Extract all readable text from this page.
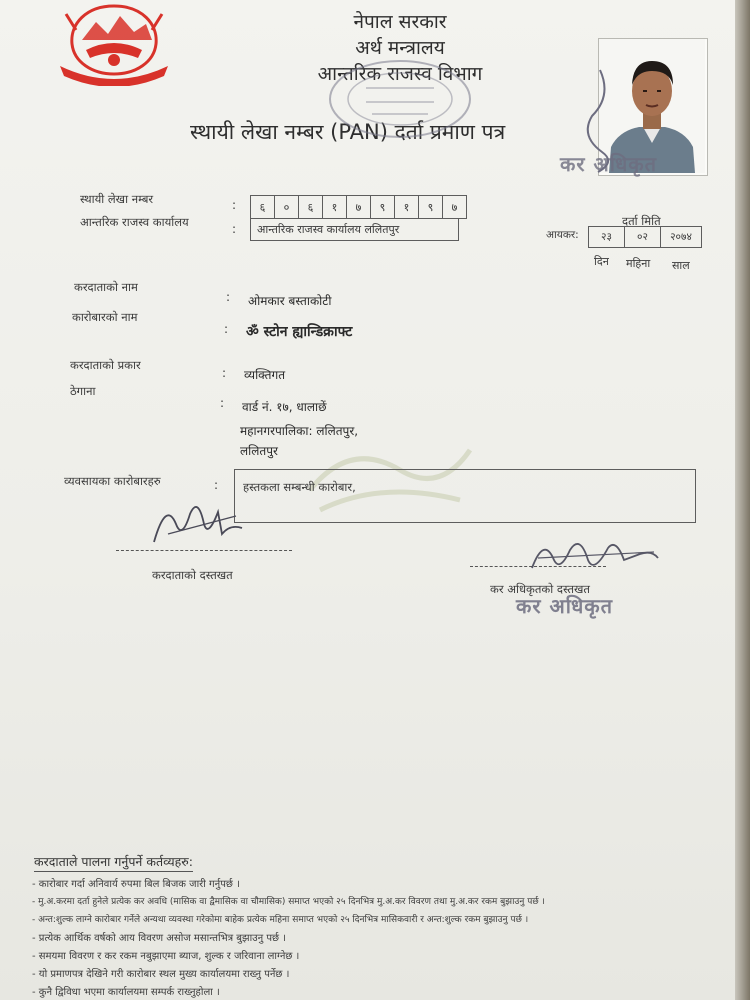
नेपाल सरकार
अर्थ मन्त्रालय
आन्तरिक राजस्व विभाग
स्थायी लेखा नम्बर (PAN) दर्ता प्रमाण पत्र
कर अधिकृत
स्थायी लेखा नम्बर	:	६	०	६	१	७	९	१	९	७
आन्तरिक राजस्व कार्यालय	:	आन्तरिक राजस्व कार्यालय ललितपुर
दर्ता मिति
आयकर:	२३	०२	२०७४
दिन महिना साल
करदाताको नाम
: ओमकार बस्ताकोटी
कारोबारको नाम
: ॐ स्टोन ह्यान्डिक्राफ्ट
करदाताको प्रकार
: व्यक्तिगत
ठेगाना
: वार्ड नं. १७, धालाछें
महानगरपालिका: ललितपुर,
ललितपुर
व्यवसायका कारोबारहरु	: हस्तकला सम्बन्धी कारोबार,
करदाताको दस्तखत
कर अधिकृतको दस्तखत
कर अधिकृत
करदाताले पालना गर्नुपर्ने कर्तव्यहरु:
- कारोबार गर्दा अनिवार्य रुपमा बिल बिजक जारी गर्नुपर्छ ।
- मु.अ.करमा दर्ता हुनेले प्रत्येक कर अवधि (मासिक वा द्वैमासिक वा चौमासिक) समाप्त भएको २५ दिनभित्र मु.अ.कर विवरण तथा मु.अ.कर रकम बुझाउनु पर्छ ।
- अन्त:शुल्क लाग्ने कारोबार गर्नेले अन्यथा व्यवस्था गरेकोमा बाहेक प्रत्येक महिना समाप्त भएको २५ दिनभित्र मासिकवारी र अन्त:शुल्क रकम बुझाउनु पर्छ ।
- प्रत्येक आर्थिक वर्षको आय विवरण असोज मसान्तभित्र बुझाउनु पर्छ ।
- समयमा विवरण र कर रकम नबुझाएमा ब्याज, शुल्क र जरिवाना लाग्नेछ ।
- यो प्रमाणपत्र देखिने गरी कारोबार स्थल मुख्य कार्यालयमा राख्नु पर्नेछ ।
- कुनै द्विविधा भएमा कार्यालयमा सम्पर्क राख्नुहोला ।
